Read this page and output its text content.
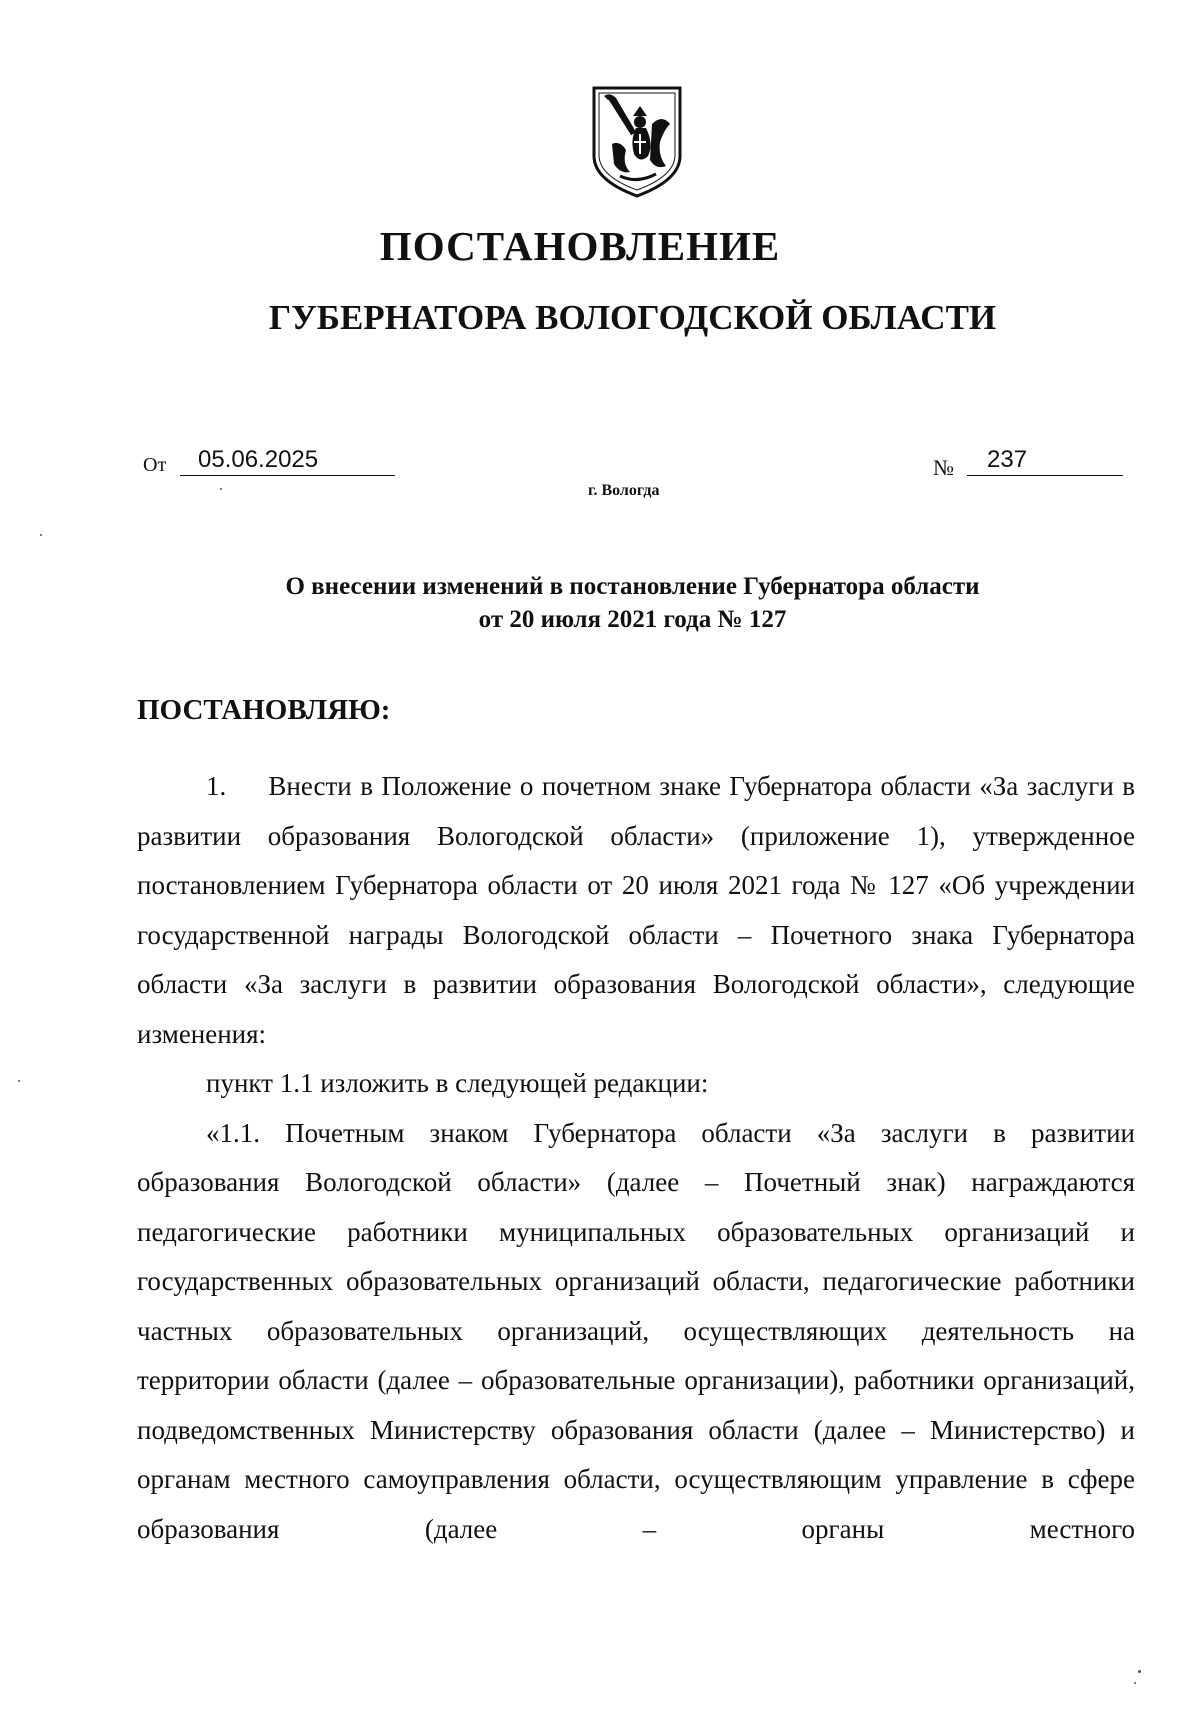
ПОСТАНОВЛЕНИЕ
ГУБЕРНАТОРА ВОЛОГОДСКОЙ ОБЛАСТИ
От	05.06.2025	№	237
г. Вологда
О внесении изменений в постановление Губернатора области
от 20 июля 2021 года № 127
ПОСТАНОВЛЯЮ:

1.     Внести в Положение о почетном знаке Губернатора области «За заслуги в развитии образования Вологодской области» (приложение 1), утвержденное постановлением Губернатора области от 20 июля 2021 года № 127 «Об учреждении государственной награды Вологодской области – Почетного знака Губернатора области «За заслуги в развитии образования Вологодской области», следующие изменения:

пункт 1.1 изложить в следующей редакции:

«1.1. Почетным знаком Губернатора области «За заслуги в развитии образования Вологодской области» (далее – Почетный знак) награждаются педагогические работники муниципальных образовательных организаций и государственных образовательных организаций области, педагогические работники частных образовательных организаций, осуществляющих деятельность на территории области (далее – образовательные организации), работники организаций, подведомственных Министерству образования области (далее – Министерство) и органам местного самоуправления области, осуществляющим управление в сфере образования (далее – органы местного
